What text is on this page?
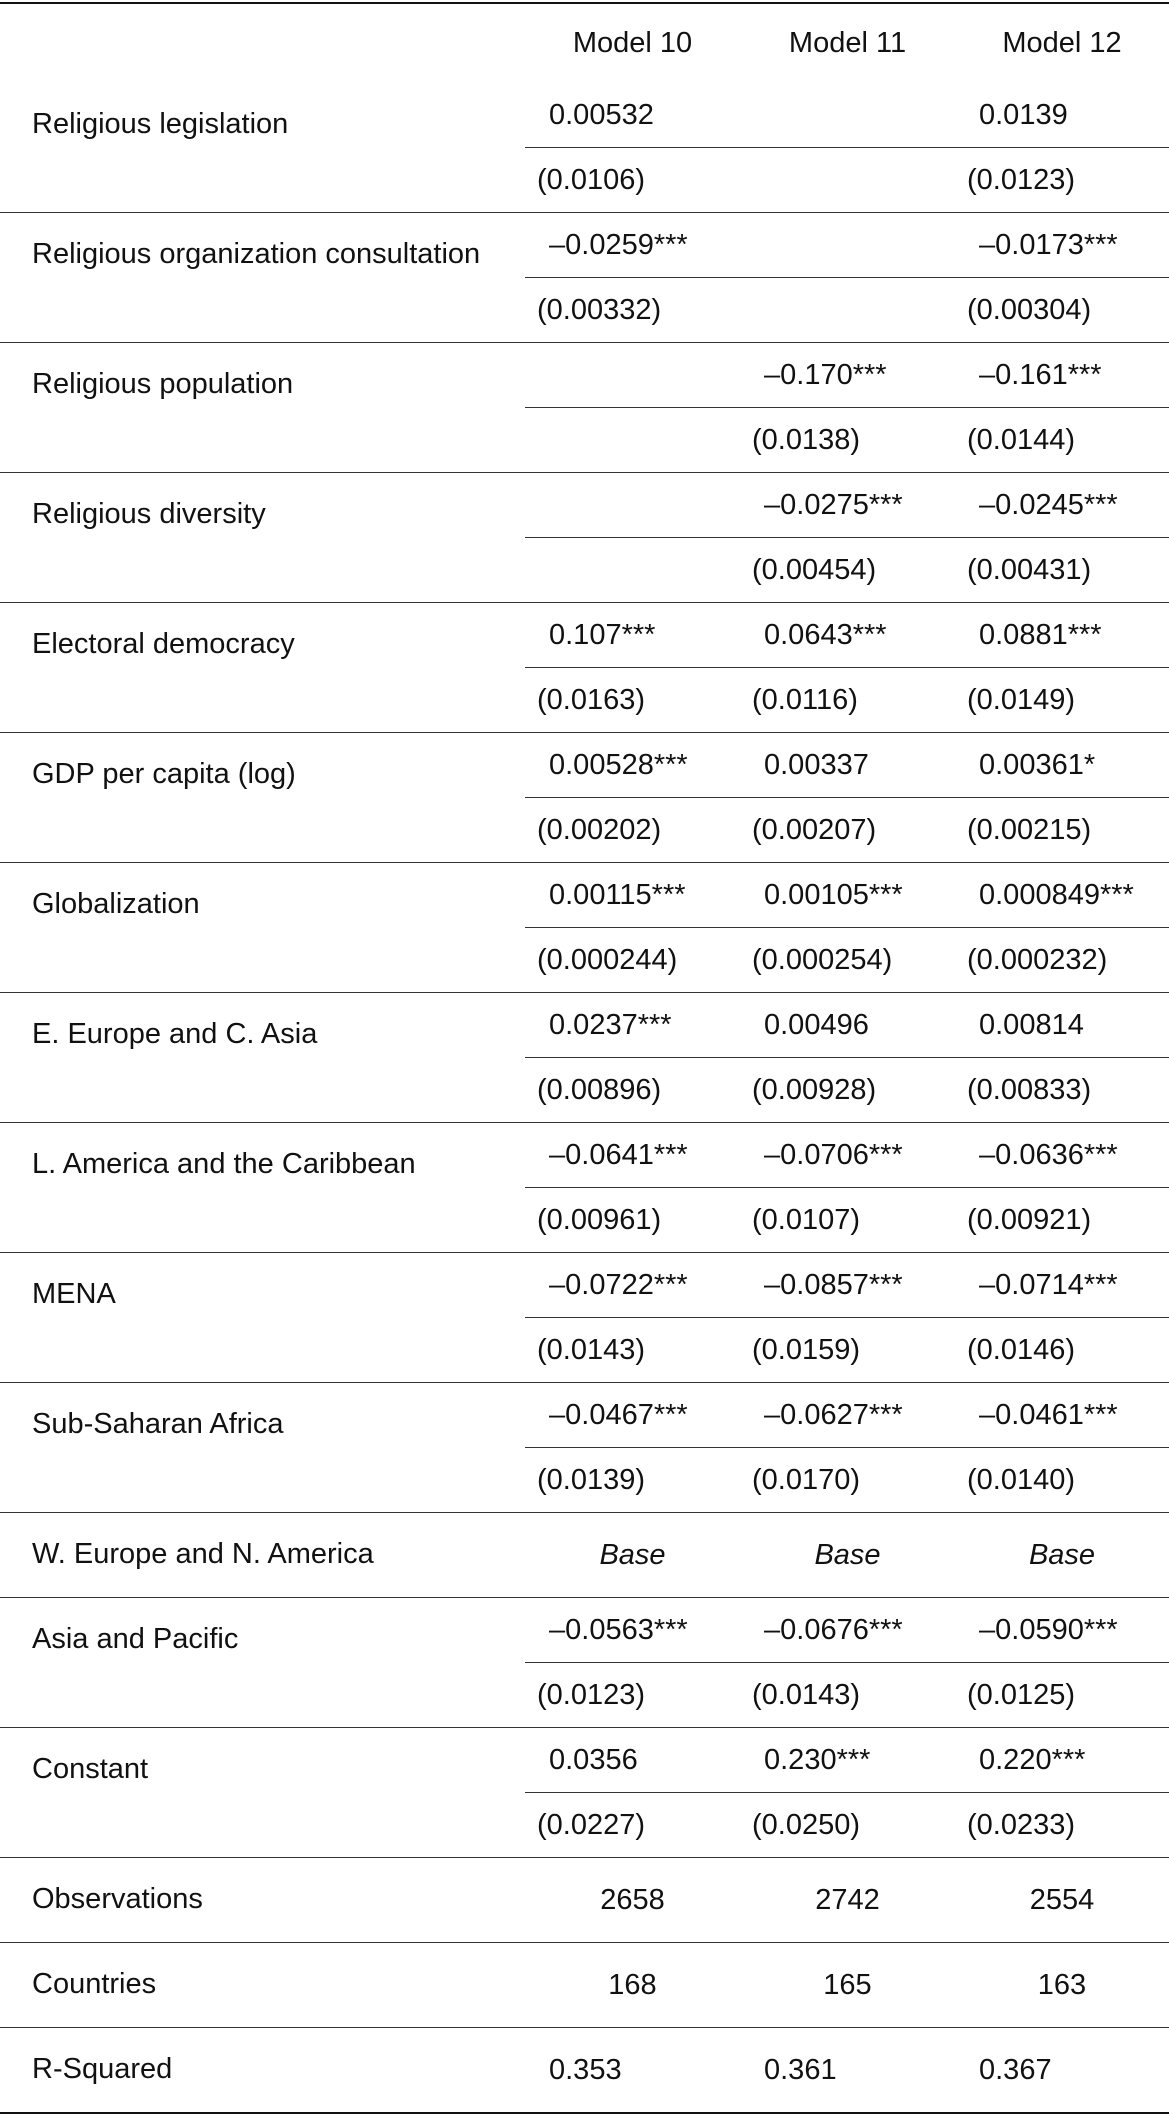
	Model 10	Model 11	Model 12
Religious legislation	0.00532		0.0139
	(0.0106)		(0.0123)
Religious organization consultation	–0.0259***		–0.0173***
	(0.00332)		(0.00304)
Religious population		–0.170***	–0.161***
		(0.0138)	(0.0144)
Religious diversity		–0.0275***	–0.0245***
		(0.00454)	(0.00431)
Electoral democracy	0.107***	0.0643***	0.0881***
	(0.0163)	(0.0116)	(0.0149)
GDP per capita (log)	0.00528***	0.00337	0.00361*
	(0.00202)	(0.00207)	(0.00215)
Globalization	0.00115***	0.00105***	0.000849***
	(0.000244)	(0.000254)	(0.000232)
E. Europe and C. Asia	0.0237***	0.00496	0.00814
	(0.00896)	(0.00928)	(0.00833)
L. America and the Caribbean	–0.0641***	–0.0706***	–0.0636***
	(0.00961)	(0.0107)	(0.00921)
MENA	–0.0722***	–0.0857***	–0.0714***
	(0.0143)	(0.0159)	(0.0146)
Sub-Saharan Africa	–0.0467***	–0.0627***	–0.0461***
	(0.0139)	(0.0170)	(0.0140)
W. Europe and N. America	Base	Base	Base
Asia and Pacific	–0.0563***	–0.0676***	–0.0590***
	(0.0123)	(0.0143)	(0.0125)
Constant	0.0356	0.230***	0.220***
	(0.0227)	(0.0250)	(0.0233)
Observations	2658	2742	2554
Countries	168	165	163
R-Squared	0.353	0.361	0.367
